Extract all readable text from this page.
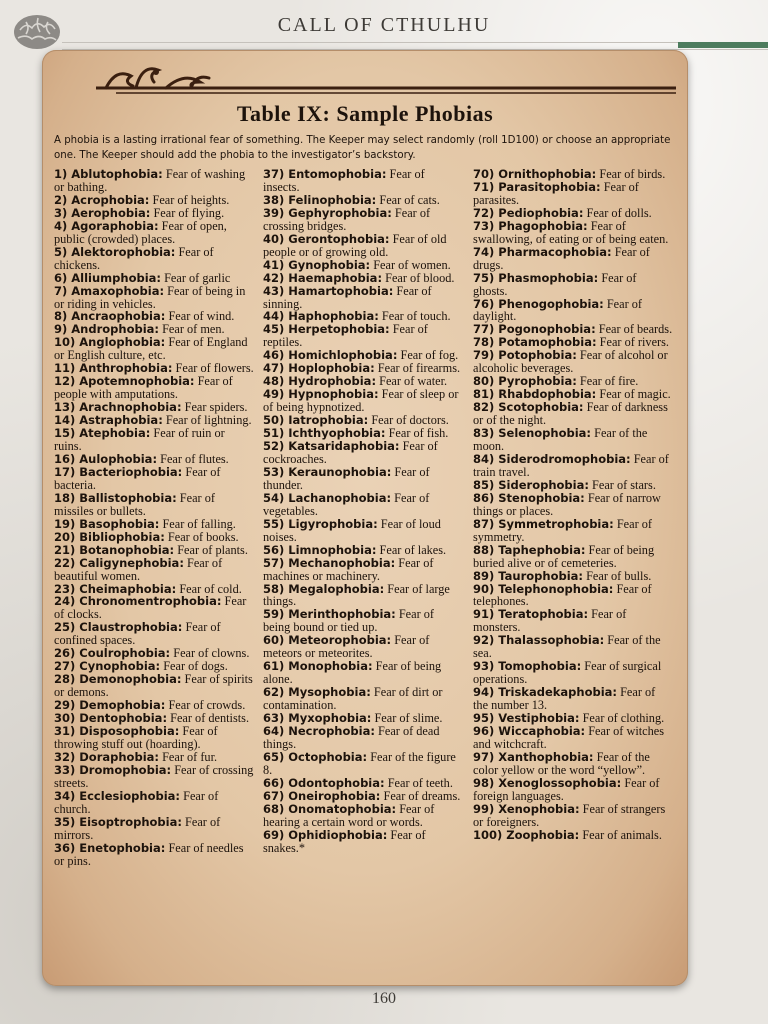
CALL OF CTHULHU
Table IX: Sample Phobias

A phobia is a lasting irrational fear of something. The Keeper may select randomly (roll 1D100) or choose an appropriate one. The Keeper should add the phobia to the investigator’s backstory.

1) Ablutophobia: Fear of washing or bathing.
2) Acrophobia: Fear of heights.
3) Aerophobia: Fear of flying.
4) Agoraphobia: Fear of open, public (crowded) places.
5) Alektorophobia: Fear of chickens.
6) Alliumphobia: Fear of garlic
7) Amaxophobia: Fear of being in or riding in vehicles.
8) Ancraophobia: Fear of wind.
9) Androphobia: Fear of men.
10) Anglophobia: Fear of England or English culture, etc.
11) Anthrophobia: Fear of flowers.
12) Apotemnophobia: Fear of people with amputations.
13) Arachnophobia: Fear spiders.
14) Astraphobia: Fear of lightning.
15) Atephobia: Fear of ruin or ruins.
16) Aulophobia: Fear of flutes.
17) Bacteriophobia: Fear of bacteria.
18) Ballistophobia: Fear of missiles or bullets.
19) Basophobia: Fear of falling.
20) Bibliophobia: Fear of books.
21) Botanophobia: Fear of plants.
22) Caligynephobia: Fear of beautiful women.
23) Cheimaphobia: Fear of cold.
24) Chronomentrophobia: Fear of clocks.
25) Claustrophobia: Fear of confined spaces.
26) Coulrophobia: Fear of clowns.
27) Cynophobia: Fear of dogs.
28) Demonophobia: Fear of spirits or demons.
29) Demophobia: Fear of crowds.
30) Dentophobia: Fear of dentists.
31) Disposophobia: Fear of throwing stuff out (hoarding).
32) Doraphobia: Fear of fur.
33) Dromophobia: Fear of crossing streets.
34) Ecclesiophobia: Fear of church.
35) Eisoptrophobia: Fear of mirrors.
36) Enetophobia: Fear of needles or pins.
37) Entomophobia: Fear of insects.
38) Felinophobia: Fear of cats.
39) Gephyrophobia: Fear of crossing bridges.
40) Gerontophobia: Fear of old people or of growing old.
41) Gynophobia: Fear of women.
42) Haemaphobia: Fear of blood.
43) Hamartophobia: Fear of sinning.
44) Haphophobia: Fear of touch.
45) Herpetophobia: Fear of reptiles.
46) Homichlophobia: Fear of fog.
47) Hoplophobia: Fear of firearms.
48) Hydrophobia: Fear of water.
49) Hypnophobia: Fear of sleep or of being hypnotized.
50) Iatrophobia: Fear of doctors.
51) Ichthyophobia: Fear of fish.
52) Katsaridaphobia: Fear of cockroaches.
53) Keraunophobia: Fear of thunder.
54) Lachanophobia: Fear of vegetables.
55) Ligyrophobia: Fear of loud noises.
56) Limnophobia: Fear of lakes.
57) Mechanophobia: Fear of machines or machinery.
58) Megalophobia: Fear of large things.
59) Merinthophobia: Fear of being bound or tied up.
60) Meteorophobia: Fear of meteors or meteorites.
61) Monophobia: Fear of being alone.
62) Mysophobia: Fear of dirt or contamination.
63) Myxophobia: Fear of slime.
64) Necrophobia: Fear of dead things.
65) Octophobia: Fear of the figure 8.
66) Odontophobia: Fear of teeth.
67) Oneirophobia: Fear of dreams.
68) Onomatophobia: Fear of hearing a certain word or words.
69) Ophidiophobia: Fear of snakes.*
70) Ornithophobia: Fear of birds.
71) Parasitophobia: Fear of parasites.
72) Pediophobia: Fear of dolls.
73) Phagophobia: Fear of swallowing, of eating or of being eaten.
74) Pharmacophobia: Fear of drugs.
75) Phasmophobia: Fear of ghosts.
76) Phenogophobia: Fear of daylight.
77) Pogonophobia: Fear of beards.
78) Potamophobia: Fear of rivers.
79) Potophobia: Fear of alcohol or alcoholic beverages.
80) Pyrophobia: Fear of fire.
81) Rhabdophobia: Fear of magic.
82) Scotophobia: Fear of darkness or of the night.
83) Selenophobia: Fear of the moon.
84) Siderodromophobia: Fear of train travel.
85) Siderophobia: Fear of stars.
86) Stenophobia: Fear of narrow things or places.
87) Symmetrophobia: Fear of symmetry.
88) Taphephobia: Fear of being buried alive or of cemeteries.
89) Taurophobia: Fear of bulls.
90) Telephonophobia: Fear of telephones.
91) Teratophobia: Fear of monsters.
92) Thalassophobia: Fear of the sea.
93) Tomophobia: Fear of surgical operations.
94) Triskadekaphobia: Fear of the number 13.
95) Vestiphobia: Fear of clothing.
96) Wiccaphobia: Fear of witches and witchcraft.
97) Xanthophobia: Fear of the color yellow or the word “yellow”.
98) Xenoglossophobia: Fear of foreign languages.
99) Xenophobia: Fear of strangers or foreigners.
100) Zoophobia: Fear of animals.
160
